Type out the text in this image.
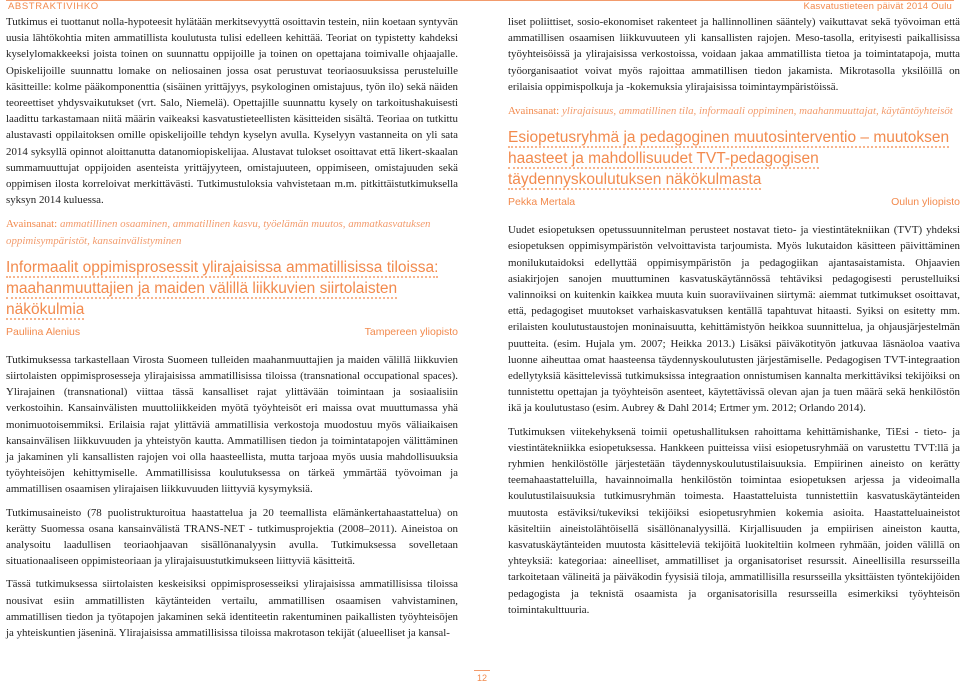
ABSTRAKTIVIHKO	Kasvatustieteen päivät 2014 Oulu

Tutkimus ei tuottanut nolla-hypoteesit hylätään merkitsevyyttä osoittavin testein, niin koetaan syntyvän uusia lähtökohtia miten ammatillista koulutusta tulisi edelleen kehittää. Teoriat on typistetty kahdeksi kyselylomakkeeksi joista toinen on suunnattu oppijoille ja toinen on opettajana toimivalle ohjaajalle. Opiskelijoille suunnattu lomake on neliosainen jossa osat perustuvat teoriaosuuksissa perusteluille käsitteille: kolme pääkomponenttia (sisäinen yrittäjyys, psykologinen omistajuus, työn ilo) sekä näiden teoreettiset yhdysvaikutukset (vrt. Salo, Niemelä). Opettajille suunnattu kysely on tarkoitushakuisesti laadittu tarkastamaan niitä määrin vaikeaksi kasvatustieteellisten käsitteiden sisältä. Teoriaa on tutkittu alustavasti oppilaitoksen omille opiskelijoille tehdyn kyselyn avulla. Kyselyyn vastanneita on yli sata 2014 syksyllä opinnot aloittanutta datanomiopiskelijaa. Alustavat tulokset osoittavat että likert-skaalan summamuuttujat oppijoiden asenteista yrittäjyyteen, omistajuuteen, oppimiseen, omistajuuden sekä oppimisen ilosta korreloivat merkittävästi. Tutkimustuloksia vahvistetaan m.m. pitkittäistutkimuksella syksyn 2014 kuluessa.

Avainsanat: ammatillinen osaaminen, ammatillinen kasvu, työelämän muutos, ammatkasvatuksen oppimisympäristöt, kansainvälistyminen

Informaalit oppimisprosessit ylirajaisissa ammatillisissa tiloissa: maahanmuuttajien ja maiden välillä liikkuvien siirtolaisten näkökulmia
Pauliina Alenius	Tampereen yliopisto

Tutkimuksessa tarkastellaan Virosta Suomeen tulleiden maahanmuuttajien ja maiden välillä liikkuvien siirtolaisten oppimisprosesseja ylirajaisissa ammatillisissa tiloissa (transnational occupational spaces). Ylirajainen (transnational) viittaa tässä kansalliset rajat ylittävään toimintaan ja sosiaalisiin verkostoihin. Kansainvälisten muuttoliikkeiden myötä työyhteisöt eri maissa ovat muuttumassa yhä monimuotoisemmiksi. Erilaisia rajat ylittäviä ammatillisia verkostoja muodostuu myös väliaikaisen kansainvälisen liikkuvuuden ja yhteistyön kautta. Ammatillisen tiedon ja toimintatapojen välittäminen ja jakaminen yli kansallisten rajojen voi olla haasteellista, mutta tarjoaa myös uusia mahdollisuuksia työyhteisöjen kehittymiselle. Ammatillisissa koulutuksessa on tärkeä ymmärtää työvoiman ja ammatillisen osaamisen ylirajaisen liikkuvuuden liittyviä kysymyksiä.

Tutkimusaineisto (78 puolistrukturoitua haastattelua ja 20 teemallista elämänkertahaastattelua) on kerätty Suomessa osana kansainvälistä TRANS-NET - tutkimusprojektia (2008–2011). Aineistoa on analysoitu laadullisen teoriaohjaavan sisällönanalyysin avulla. Tutkimuksessa sovelletaan situationaaliseen oppimisteoriaan ja ylirajaisuustutkimukseen liittyviä käsitteitä.

Tässä tutkimuksessa siirtolaisten keskeisiksi oppimisprosesseiksi ylirajaisissa ammatillisissa tiloissa nousivat esiin ammatillisten käytänteiden vertailu, ammatillisen osaamisen vahvistaminen, ammatillisen tiedon ja työtapojen jakaminen sekä identiteetin rakentuminen paikallisten työyhteisöjen ja yhteiskuntien jäseninä. Ylirajaisissa ammatillisissa tiloissa makrotason tekijät (alueelliset ja kansal-

liset poliittiset, sosio-ekonomiset rakenteet ja hallinnollinen sääntely) vaikuttavat sekä työvoiman että ammatillisen osaamisen liikkuvuuteen yli kansallisten rajojen. Meso-tasolla, erityisesti paikallisissa työyhteisöissä ja ylirajaisissa verkostoissa, voidaan jakaa ammatillista tietoa ja toimintatapoja, mutta työorganisaatiot voivat myös rajoittaa ammatillisen tiedon jakamista. Mikrotasolla yksilöillä on erilaisia oppimispolkuja ja -kokemuksia ylirajaisissa toimintaympäristöissä.

Avainsanat: ylirajaisuus, ammatillinen tila, informaali oppiminen, maahanmuuttajat, käytäntöyhteisöt

Esiopetusryhmä ja pedagoginen muutosinterventio – muutoksen haasteet ja mahdollisuudet TVT-pedagogisen täydennyskoulutuksen näkökulmasta
Pekka Mertala	Oulun yliopisto

Uudet esiopetuksen opetussuunnitelman perusteet nostavat tieto- ja viestintätekniikan (TVT) yhdeksi esiopetuksen oppimisympäristön velvoittavista tarjoumista. Myös lukutaidon käsitteen päivittäminen monilukutaidoksi edellyttää oppimisympäristön ja pedagogiikan ajantasaistamista. Ohjaavien asiakirjojen sanojen muuttuminen kasvatuskäytännössä tehtäviksi pedagogisesti perustelluiksi valinnoiksi on kuitenkin kaikkea muuta kuin suoraviivainen siirtymä: aiemmat tutkimukset osoittavat, että, pedagogiset muutokset varhaiskasvatuksen kentällä tapahtuvat hitaasti. Syiksi on esitetty mm. erilaisten koulutustaustojen moninaisuutta, kehittämistyön heikkoa suunnittelua, ja ohjausjärjestelmän puutteita. (esim. Hujala ym. 2007; Heikka 2013.) Lisäksi päiväkotityön jatkuvaa läsnäoloa vaativa luonne aiheuttaa omat haasteensa täydennyskoulutusten järjestämiselle. Pedagogisen TVT-integraation edellytyksiä käsittelevissä tutkimuksissa integraation onnistumisen kannalta merkittäviksi tekijöiksi on tunnistettu opettajan ja työyhteisön asenteet, käytettävissä olevan ajan ja tuen määrä sekä henkilöstön ikä ja koulutustaso (esim. Aubrey & Dahl 2014; Ertmer ym. 2012; Orlando 2014).

Tutkimuksen viitekehyksenä toimii opetushallituksen rahoittama kehittämishanke, TiEsi - tieto- ja viestintätekniikka esiopetuksessa. Hankkeen puitteissa viisi esiopetusryhmää on varustettu TVT:llä ja ryhmien henkilöstölle järjestetään täydennyskoulutustilaisuuksia. Empiirinen aineisto on kerätty teemahaastatteluilla, havainnoimalla henkilöstön toimintaa esiopetuksen arjessa ja videoimalla koulutustilaisuuksia tutkimusryhmän toimesta. Haastatteluista tunnistettiin kasvatuskäytänteiden muutosta estäviksi/tukeviksi tekijöiksi esiopetusryhmien kokemia asioita. Haastatteluaineistot käsiteltiin aineistolähtöisellä sisällönanalyysillä. Kirjallisuuden ja empiirisen aineiston kautta, kasvatuskäytänteiden muutosta käsitteleviä tekijöitä luokiteltiin kolmeen ryhmään, joiden välillä on yhteyksiä: kategoriaa: aineelliset, ammatilliset ja organisatoriset resurssit. Aineellisilla resursseilla tarkoitetaan välineitä ja päiväkodin fyysisiä tiloja, ammatillisilla resursseilla yksittäisten työntekijöiden pedagogista ja teknistä osaamista ja organisatorisilla resursseilla esimerkiksi työyhteisön toimintakulttuuria.

12
